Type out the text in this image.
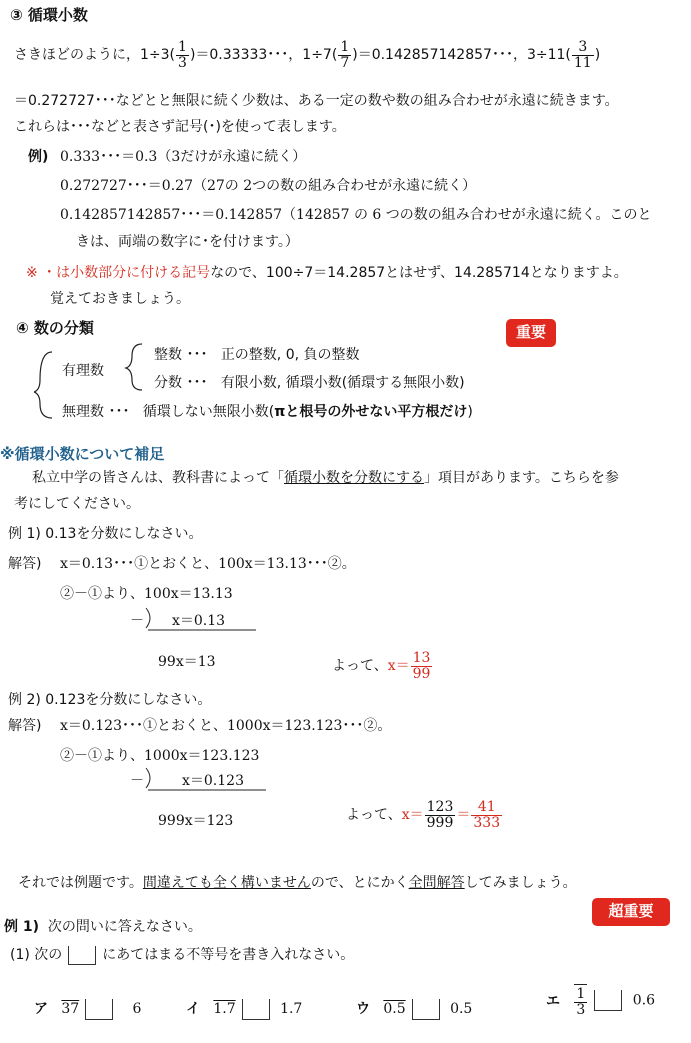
③ 循環小数
さきほどのように，$1\div 3( \frac{1}{3} )=0.33333$･･･，$1\div 7( \frac{1}{7} )=0.142857142857$･･･，$3\div 11( \frac{3}{11}$ )
＝0.272727･･･などとと無限に続く少数は、ある一定の数や数の組み合わせが永遠に続きます。
これらは･･･などと表さず記号(･)を使って表します。
例) 0.333･･･＝0.3（3だけが永遠に続く）
0.272727･･･＝0.27（27の 2つの数の組み合わせが永遠に続く）
0.142857142857･･･＝0.142857（142857 の 6 つの数の組み合わせが永遠に続く。このと
きは、両端の数字に･を付けます。）
※ ・は小数部分に付ける記号なので、100÷7＝14.2857とはせず、14.285714となりますよ。
覚えておきましょう。
④ 数の分類	重要
有理数
整数 ･･･ 正の整数, 0, 負の整数
分数 ･･･ 有限小数, 循環小数(循環する無限小数)
無理数 ･･･ 循環しない無限小数(πと根号の外せない平方根だけ)
※循環小数について補足
私立中学の皆さんは、教科書によって「循環小数を分数にする」項目があります。こちらを参
考にしてください。
例 1) 0.13を分数にしなさい。
解答) x＝0.13･･･①とおくと、100x＝13.13･･･②。
②－①より、100x＝13.13
－ x＝0.13
99x＝13	よって、$x= \frac{13}{99}$
例 2) 0.123を分数にしなさい。
解答) x＝0.123･･･①とおくと、1000x＝123.123･･･②。
②－①より、1000x＝123.123
－	x＝0.123
999x＝123	よって、$x= \frac{123}{999} = \frac{41}{333}$
それでは例題です。間違えても全く構いませんので、とにかく全問解答してみましょう。
超重要
例 1) 次の問いに答えなさい。
(1) 次の	にあてはまる不等号を書き入れなさい。
ア 37	6	イ 1.7	1.7	ウ 0.5	0.5	エ $\frac{1}{3}$	0.6
